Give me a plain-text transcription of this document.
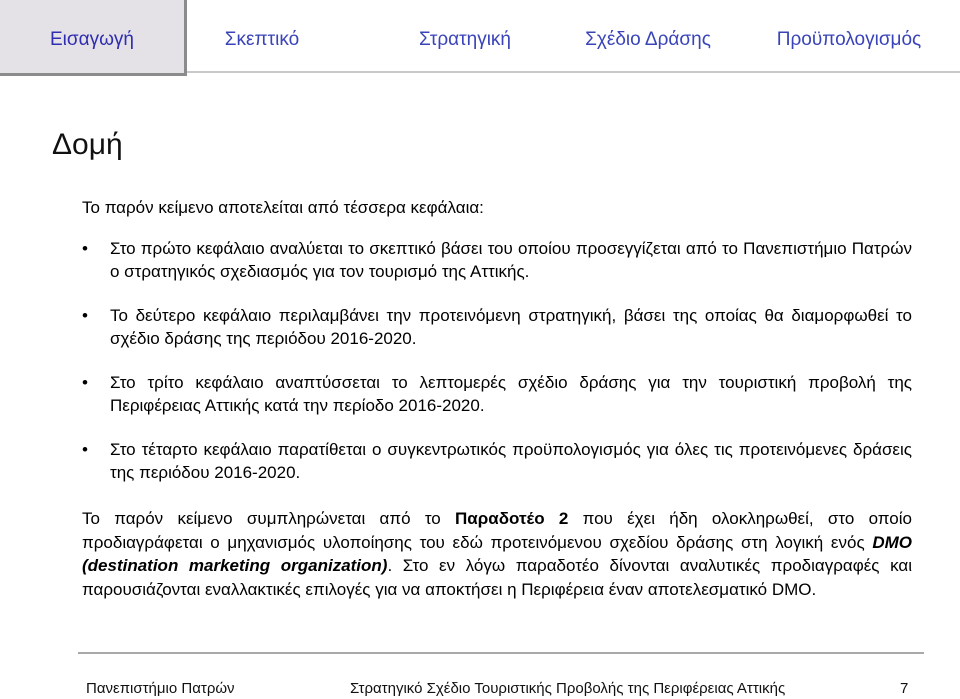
Εισαγωγή	Σκεπτικό	Στρατηγική	Σχέδιο Δράσης	Προϋπολογισμός
Δομή
Το παρόν κείμενο αποτελείται από τέσσερα κεφάλαια:
• Στο πρώτο κεφάλαιο αναλύεται το σκεπτικό βάσει του οποίου προσεγγίζεται από το Πανεπιστήμιο Πατρών ο στρατηγικός σχεδιασμός για τον τουρισμό της Αττικής.
• Το δεύτερο κεφάλαιο περιλαμβάνει την προτεινόμενη στρατηγική, βάσει της οποίας θα διαμορφωθεί το σχέδιο δράσης της περιόδου 2016-2020.
• Στο τρίτο κεφάλαιο αναπτύσσεται το λεπτομερές σχέδιο δράσης για την τουριστική προβολή της Περιφέρειας Αττικής κατά την περίοδο 2016-2020.
• Στο τέταρτο κεφάλαιο παρατίθεται ο συγκεντρωτικός προϋπολογισμός για όλες τις προτεινόμενες δράσεις της περιόδου 2016-2020.
Το παρόν κείμενο συμπληρώνεται από το Παραδοτέο 2 που έχει ήδη ολοκληρωθεί, στο οποίο προδιαγράφεται ο μηχανισμός υλοποίησης του εδώ προτεινόμενου σχεδίου δράσης στη λογική ενός DMO (destination marketing organization). Στο εν λόγω παραδοτέο δίνονται αναλυτικές προδιαγραφές και παρουσιάζονται εναλλακτικές επιλογές για να αποκτήσει η Περιφέρεια έναν αποτελεσματικό DMO.
Πανεπιστήμιο Πατρών	Στρατηγικό Σχέδιο Τουριστικής Προβολής της Περιφέρειας Αττικής	7
